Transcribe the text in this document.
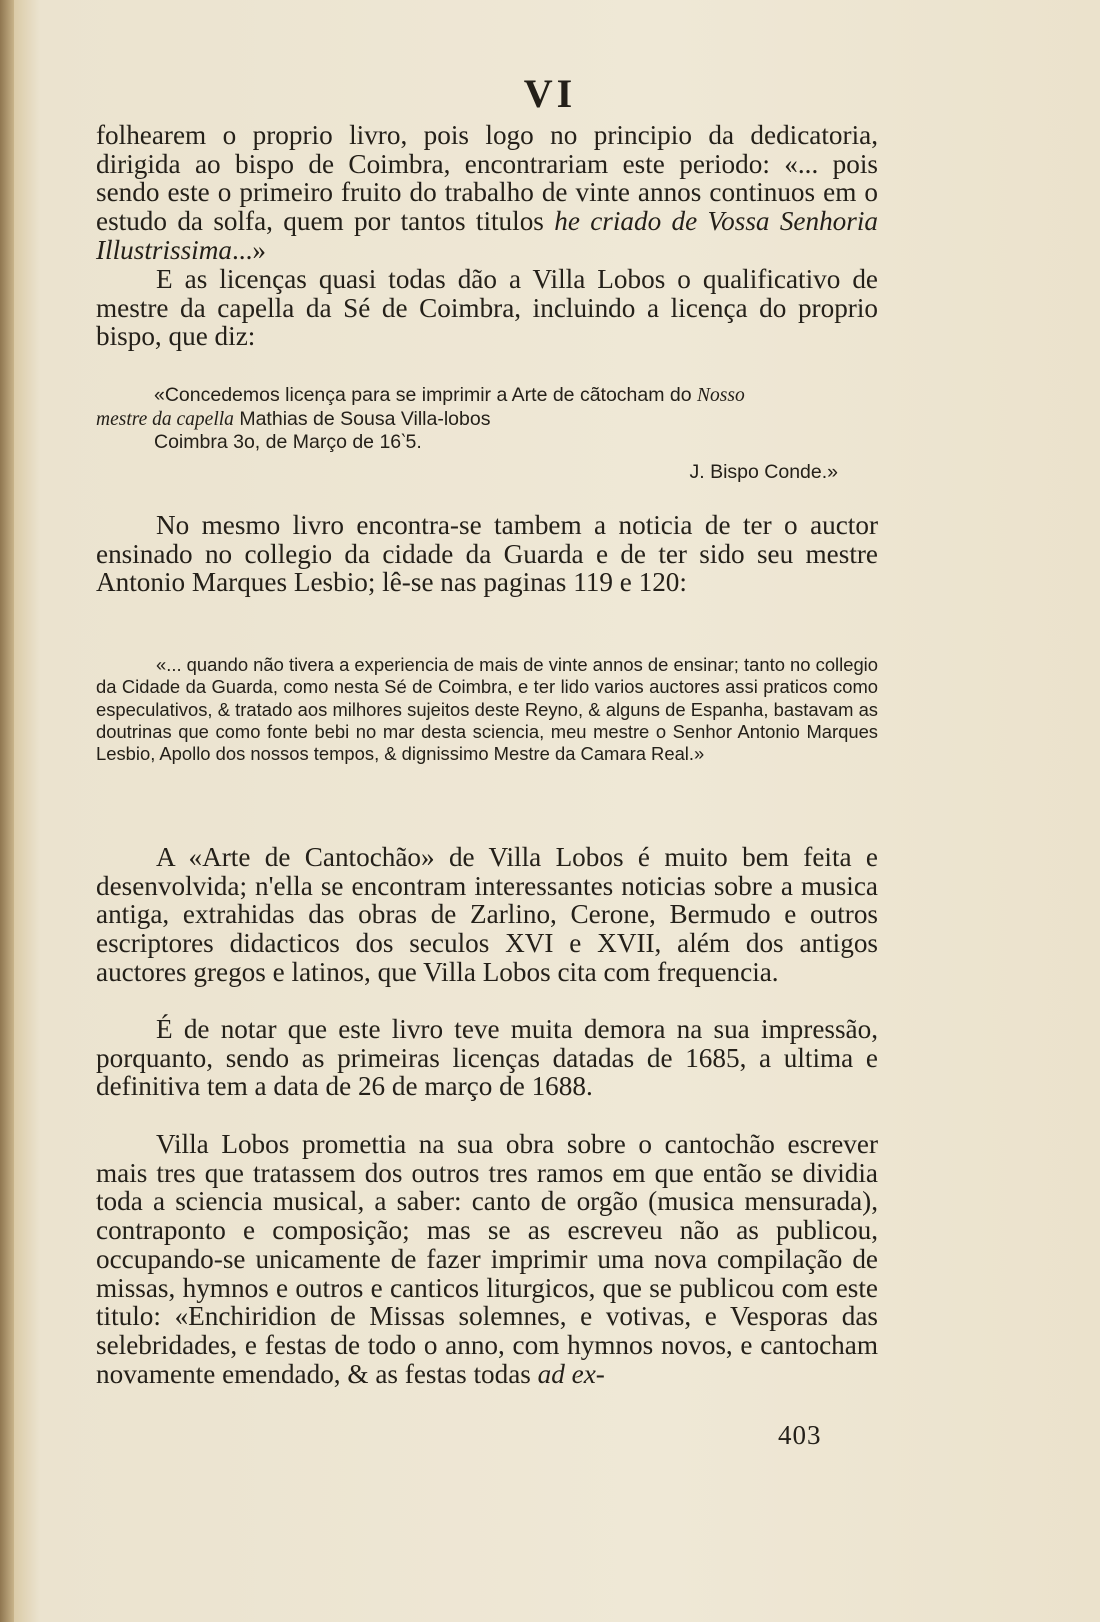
VI

folhearem o proprio livro, pois logo no principio da dedicatoria, dirigida ao bispo de Coimbra, encontrariam este periodo: «... pois sendo este o primeiro fruito do trabalho de vinte annos continuos em o estudo da solfa, quem por tantos titulos he criado de Vossa Senhoria Illustrissima...»

E as licenças quasi todas dão a Villa Lobos o qualificativo de mestre da capella da Sé de Coimbra, incluindo a licença do proprio bispo, que diz:

«Concedemos licença para se imprimir a Arte de cãtocham do Nosso
mestre da capella Mathias de Sousa Villa-lobos
Coimbra 3o, de Março de 16‵5.
J. Bispo Conde.»

No mesmo livro encontra-se tambem a noticia de ter o auctor ensinado no collegio da cidade da Guarda e de ter sido seu mestre Antonio Marques Lesbio; lê-se nas paginas 119 e 120:

«... quando não tivera a experiencia de mais de vinte annos de ensinar; tanto no collegio da Cidade da Guarda, como nesta Sé de Coimbra, e ter lido varios auctores assi praticos como especulativos, & tratado aos milhores sujeitos deste Reyno, & alguns de Espanha, bastavam as doutrinas que como fonte bebi no mar desta sciencia, meu mestre o Senhor Antonio Marques Lesbio, Apollo dos nossos tempos, & dignissimo Mestre da Camara Real.»

A «Arte de Cantochão» de Villa Lobos é muito bem feita e desenvolvida; n'ella se encontram interessantes noticias sobre a musica antiga, extrahidas das obras de Zarlino, Cerone, Bermudo e outros escriptores didacticos dos seculos XVI e XVII, além dos antigos auctores gregos e latinos, que Villa Lobos cita com frequencia.

É de notar que este livro teve muita demora na sua impressão, porquanto, sendo as primeiras licenças datadas de 1685, a ultima e definitiva tem a data de 26 de março de 1688.

Villa Lobos promettia na sua obra sobre o cantochão escrever mais tres que tratassem dos outros tres ramos em que então se dividia toda a sciencia musical, a saber: canto de orgão (musica mensurada), contraponto e composição; mas se as escreveu não as publicou, occupando-se unicamente de fazer imprimir uma nova compilação de missas, hymnos e outros e canticos liturgicos, que se publicou com este titulo: «Enchiridion de Missas solemnes, e votivas, e Vesporas das selebridades, e festas de todo o anno, com hymnos novos, e cantocham novamente emendado, & as festas todas ad ex-

403
